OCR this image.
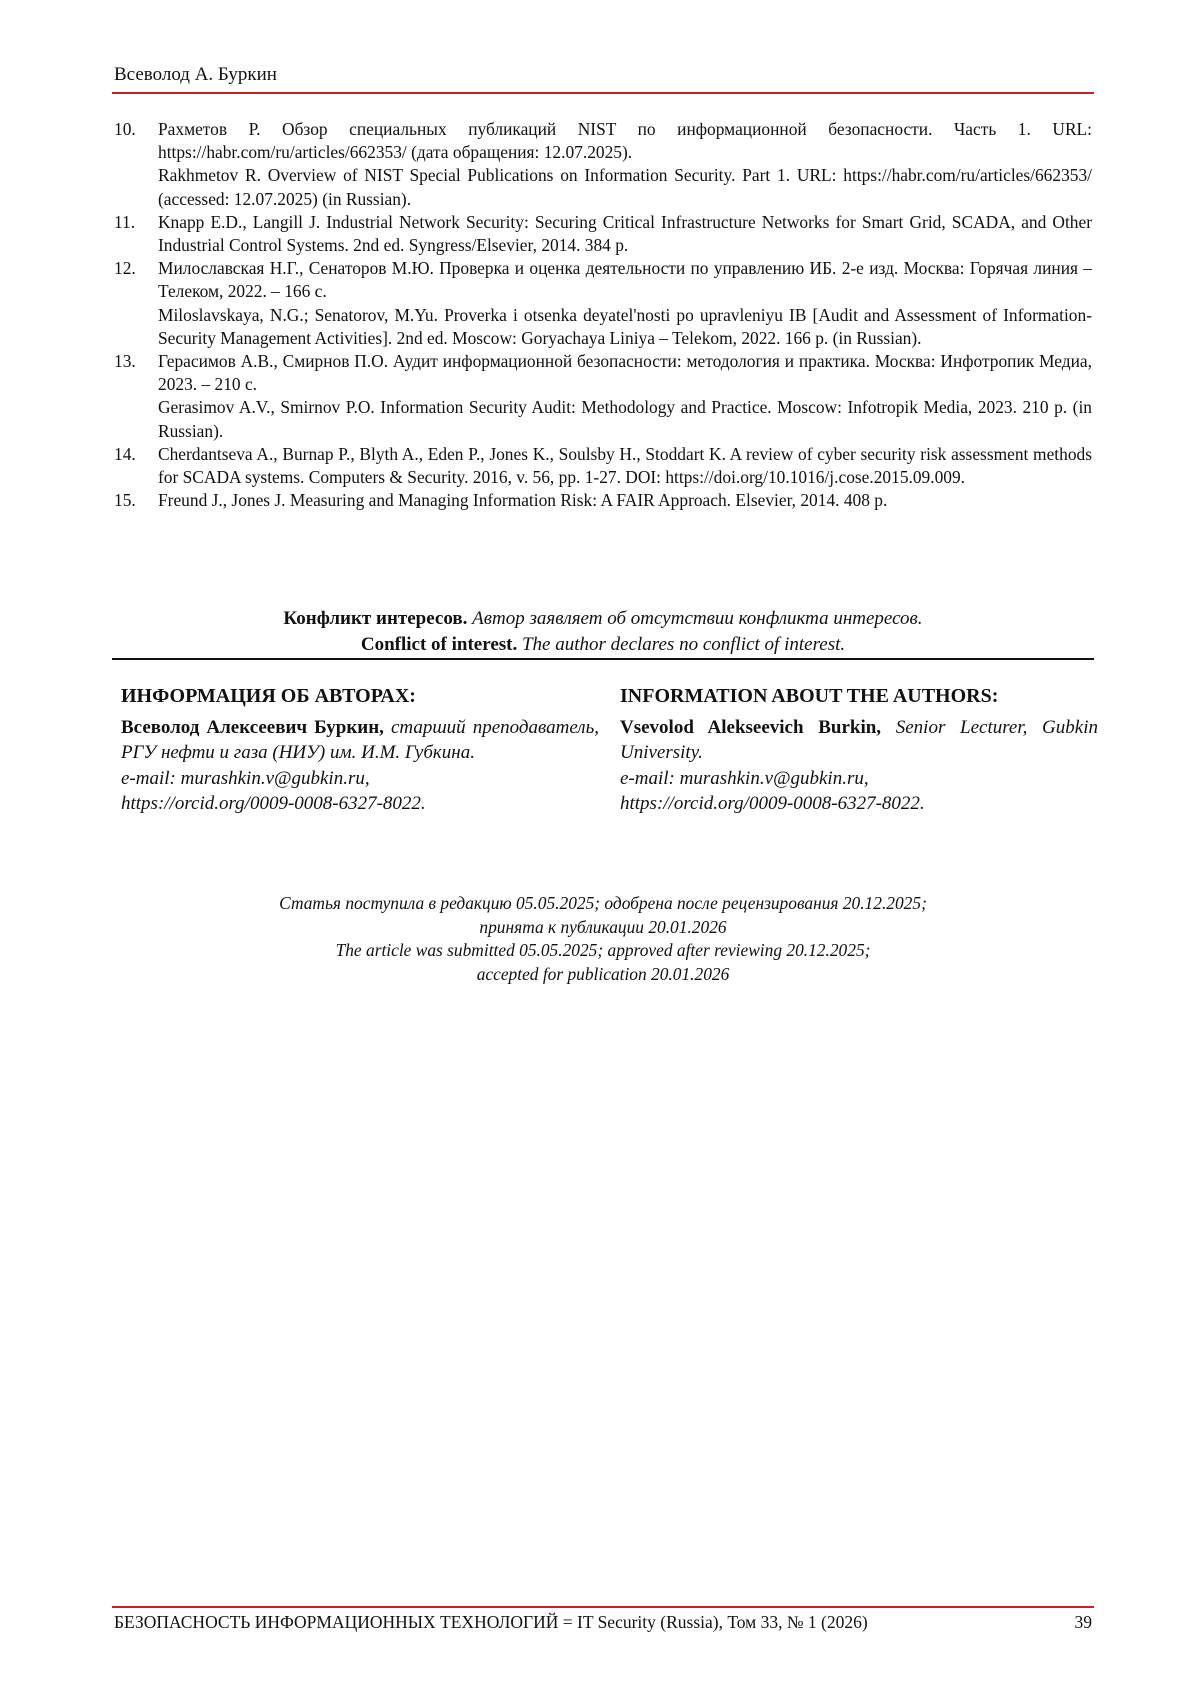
Всеволод А. Буркин
10.	Рахметов Р. Обзор специальных публикаций NIST по информационной безопасности. Часть 1. URL: https://habr.com/ru/articles/662353/ (дата обращения: 12.07.2025).

Rakhmetov R. Overview of NIST Special Publications on Information Security. Part 1. URL: https://habr.com/ru/articles/662353/ (accessed: 12.07.2025) (in Russian).

11.	Knapp E.D., Langill J. Industrial Network Security: Securing Critical Infrastructure Networks for Smart Grid, SCADA, and Other Industrial Control Systems. 2nd ed. Syngress/Elsevier, 2014. 384 p.

12.	Милославская Н.Г., Сенаторов М.Ю. Проверка и оценка деятельности по управлению ИБ. 2-е изд. Москва: Горячая линия – Телеком, 2022. – 166 с.

Miloslavskaya, N.G.; Senatorov, M.Yu. Proverka i otsenka deyatel'nosti po upravleniyu IB [Audit and Assessment of Information-Security Management Activities]. 2nd ed. Moscow: Goryachaya Liniya – Telekom, 2022. 166 p. (in Russian).

13.	Герасимов А.В., Смирнов П.О. Аудит информационной безопасности: методология и практика. Москва: Инфотропик Медиа, 2023. – 210 с.

Gerasimov A.V., Smirnov P.O. Information Security Audit: Methodology and Practice. Moscow: Infotropik Media, 2023. 210 p. (in Russian).

14.	Cherdantseva A., Burnap P., Blyth A., Eden P., Jones K., Soulsby H., Stoddart K. A review of cyber security risk assessment methods for SCADA systems. Computers & Security. 2016, v. 56, pp. 1-27. DOI: https://doi.org/10.1016/j.cose.2015.09.009.

15.	Freund J., Jones J. Measuring and Managing Information Risk: A FAIR Approach. Elsevier, 2014. 408 p.

Конфликт интересов. Автор заявляет об отсутствии конфликта интересов.
Conflict of interest. The author declares no conflict of interest.
ИНФОРМАЦИЯ ОБ АВТОРАХ:

Всеволод Алексеевич Буркин, старший преподаватель, РГУ нефти и газа (НИУ) им. И.М. Губкина.

e-mail: murashkin.v@gubkin.ru,

https://orcid.org/0009-0008-6327-8022.

INFORMATION ABOUT THE AUTHORS:

Vsevolod Alekseevich Burkin, Senior Lecturer, Gubkin University.

e-mail: murashkin.v@gubkin.ru,

https://orcid.org/0009-0008-6327-8022.

Статья поступила в редакцию 05.05.2025; одобрена после рецензирования 20.12.2025;
принята к публикации 20.01.2026
The article was submitted 05.05.2025; approved after reviewing 20.12.2025;
accepted for publication 20.01.2026
БЕЗОПАСНОСТЬ ИНФОРМАЦИОННЫХ ТЕХНОЛОГИЙ = IT Security (Russia), Том 33, № 1 (2026)	39
